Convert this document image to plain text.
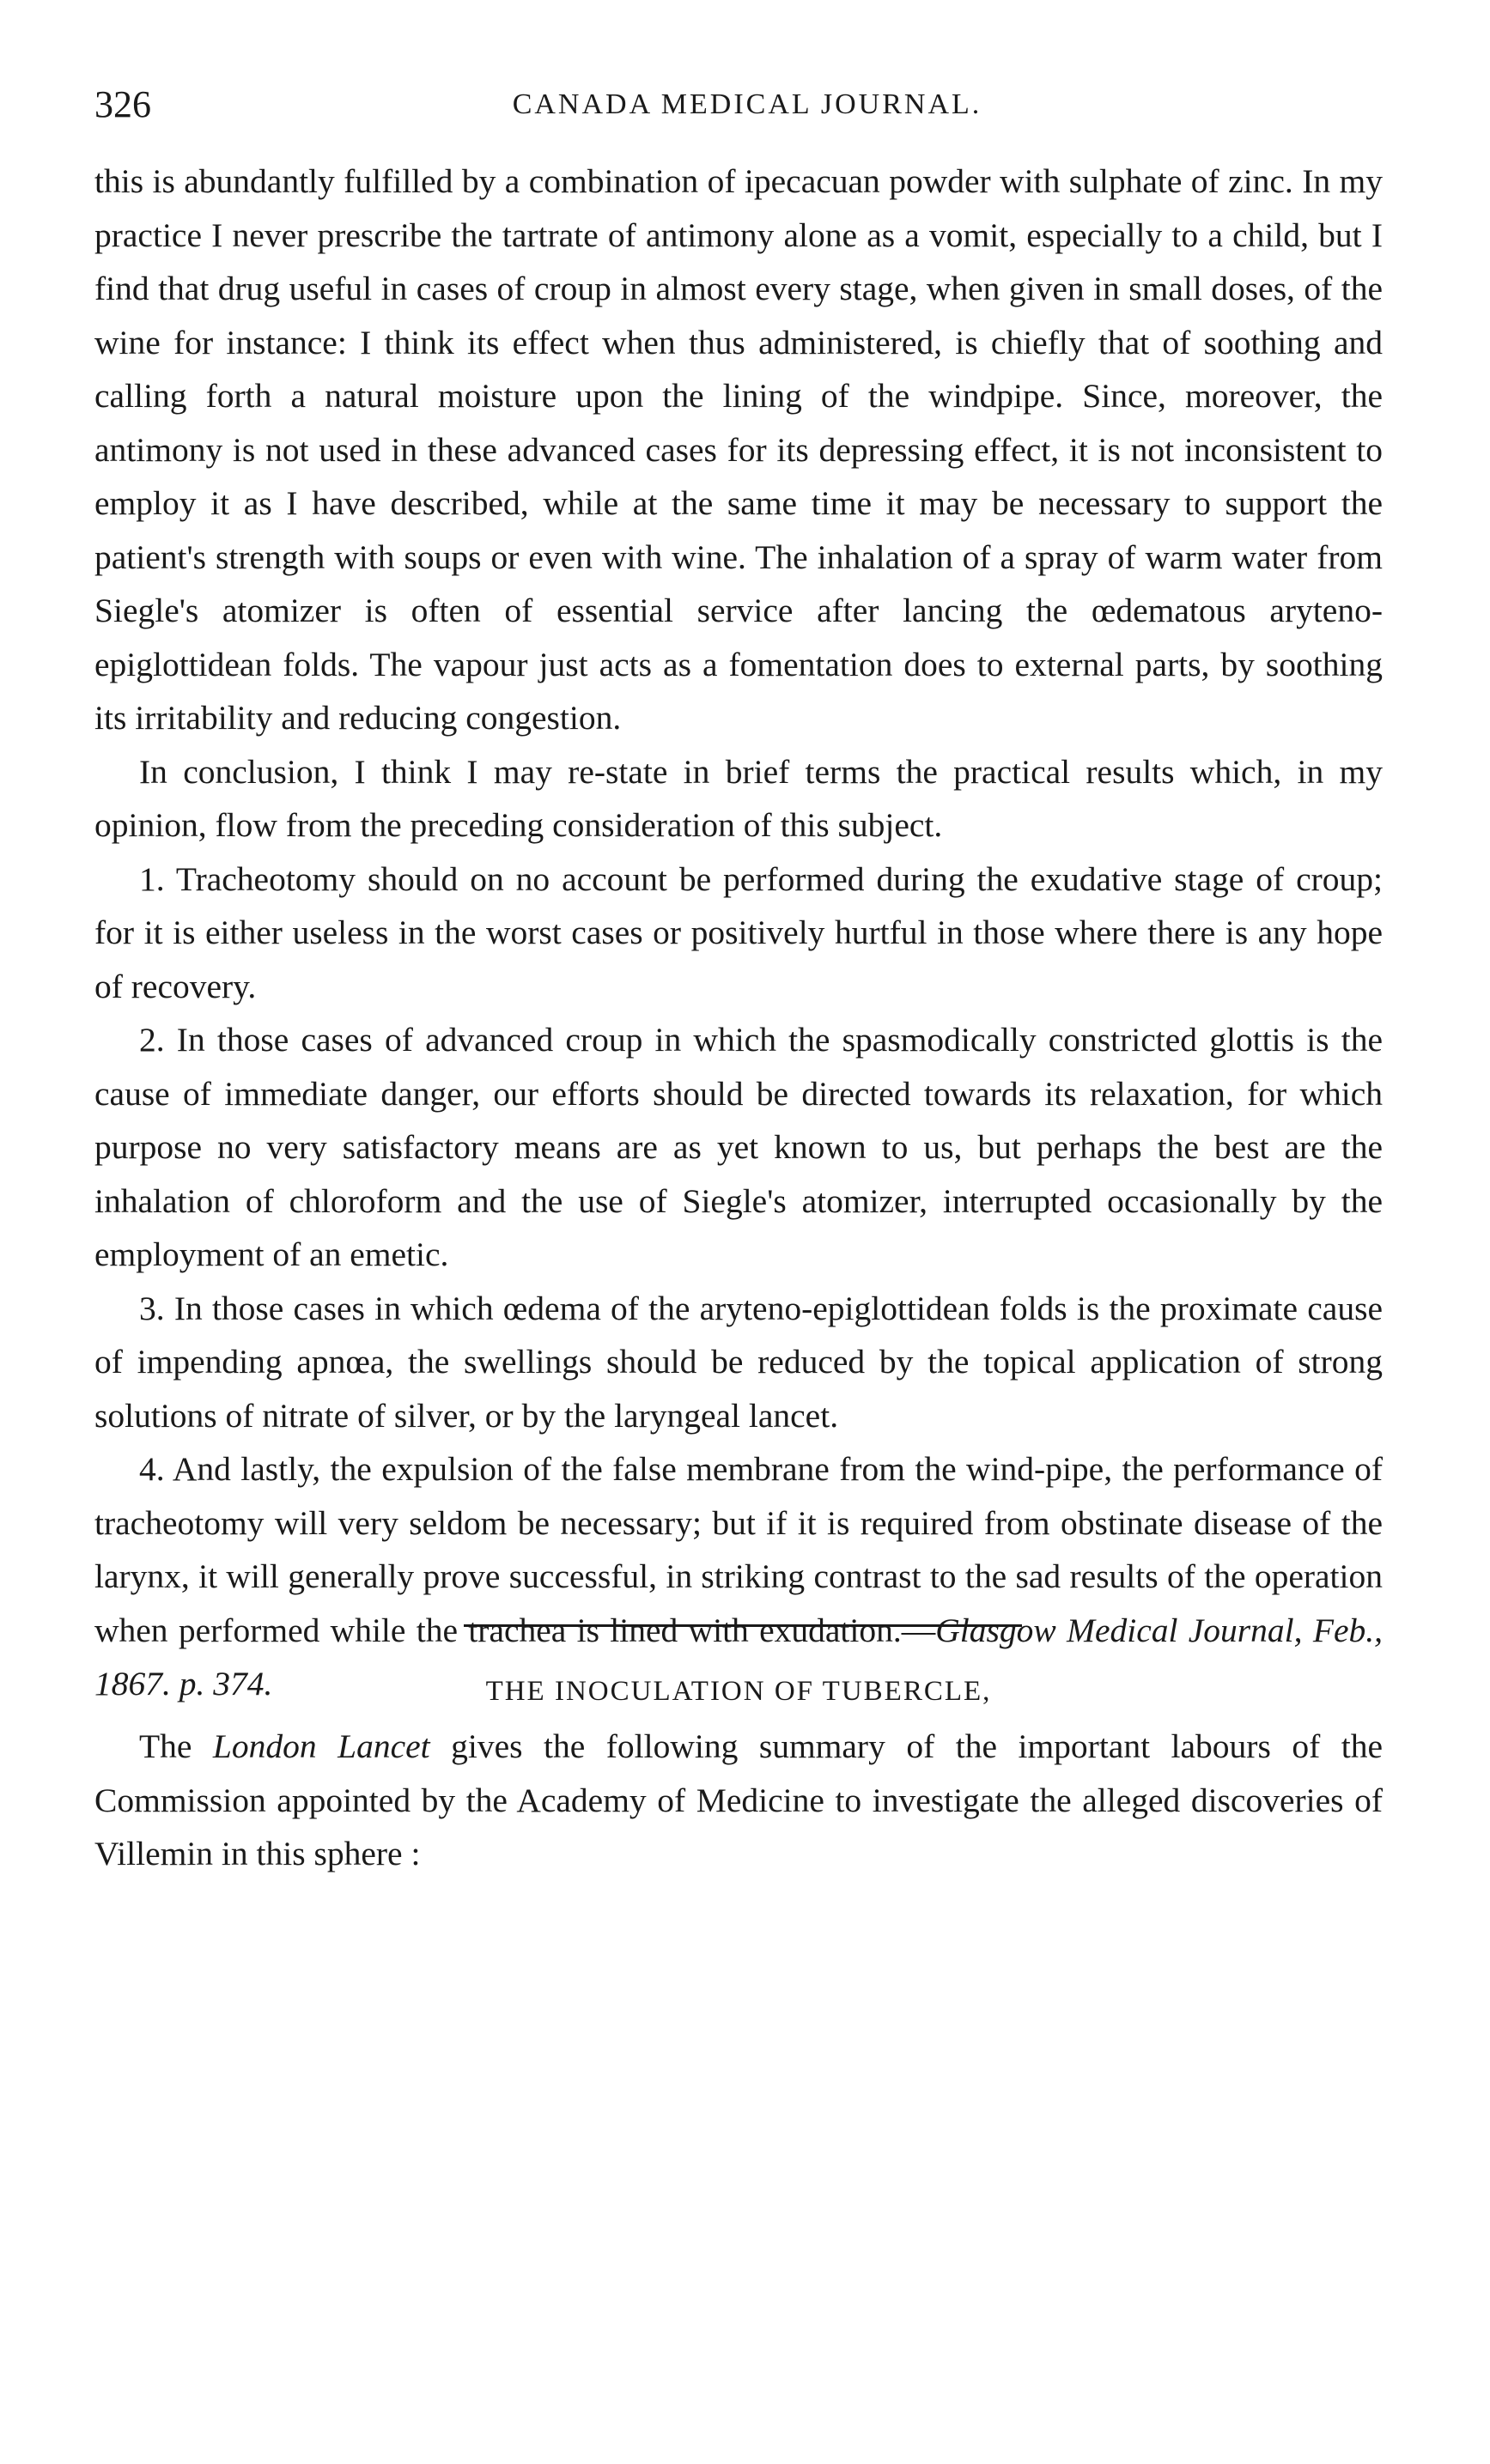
326	CANADA MEDICAL JOURNAL.

this is abundantly fulfilled by a combination of ipecacuan powder with sulphate of zinc. In my practice I never prescribe the tartrate of antimony alone as a vomit, especially to a child, but I find that drug useful in cases of croup in almost every stage, when given in small doses, of the wine for instance: I think its effect when thus administered, is chiefly that of soothing and calling forth a natural moisture upon the lining of the windpipe. Since, moreover, the antimony is not used in these advanced cases for its depressing effect, it is not inconsistent to employ it as I have described, while at the same time it may be necessary to support the patient's strength with soups or even with wine. The inhalation of a spray of warm water from Siegle's atomizer is often of essential service after lancing the œdematous aryteno-epiglottidean folds. The vapour just acts as a fomentation does to external parts, by soothing its irritability and reducing congestion.

In conclusion, I think I may re-state in brief terms the practical results which, in my opinion, flow from the preceding consideration of this subject.

1. Tracheotomy should on no account be performed during the exudative stage of croup; for it is either useless in the worst cases or positively hurtful in those where there is any hope of recovery.

2. In those cases of advanced croup in which the spasmodically constricted glottis is the cause of immediate danger, our efforts should be directed towards its relaxation, for which purpose no very satisfactory means are as yet known to us, but perhaps the best are the inhalation of chloroform and the use of Siegle's atomizer, interrupted occasionally by the employment of an emetic.

3. In those cases in which œdema of the aryteno-epiglottidean folds is the proximate cause of impending apnœa, the swellings should be reduced by the topical application of strong solutions of nitrate of silver, or by the laryngeal lancet.

4. And lastly, the expulsion of the false membrane from the wind-pipe, the performance of tracheotomy will very seldom be necessary; but if it is required from obstinate disease of the larynx, it will generally prove successful, in striking contrast to the sad results of the operation when performed while the trachea is lined with exudation.—Glasgow Medical Journal, Feb., 1867. p. 374.	THE INOCULATION OF TUBERCLE,

The London Lancet gives the following summary of the important labours of the Commission appointed by the Academy of Medicine to investigate the alleged discoveries of Villemin in this sphere :
